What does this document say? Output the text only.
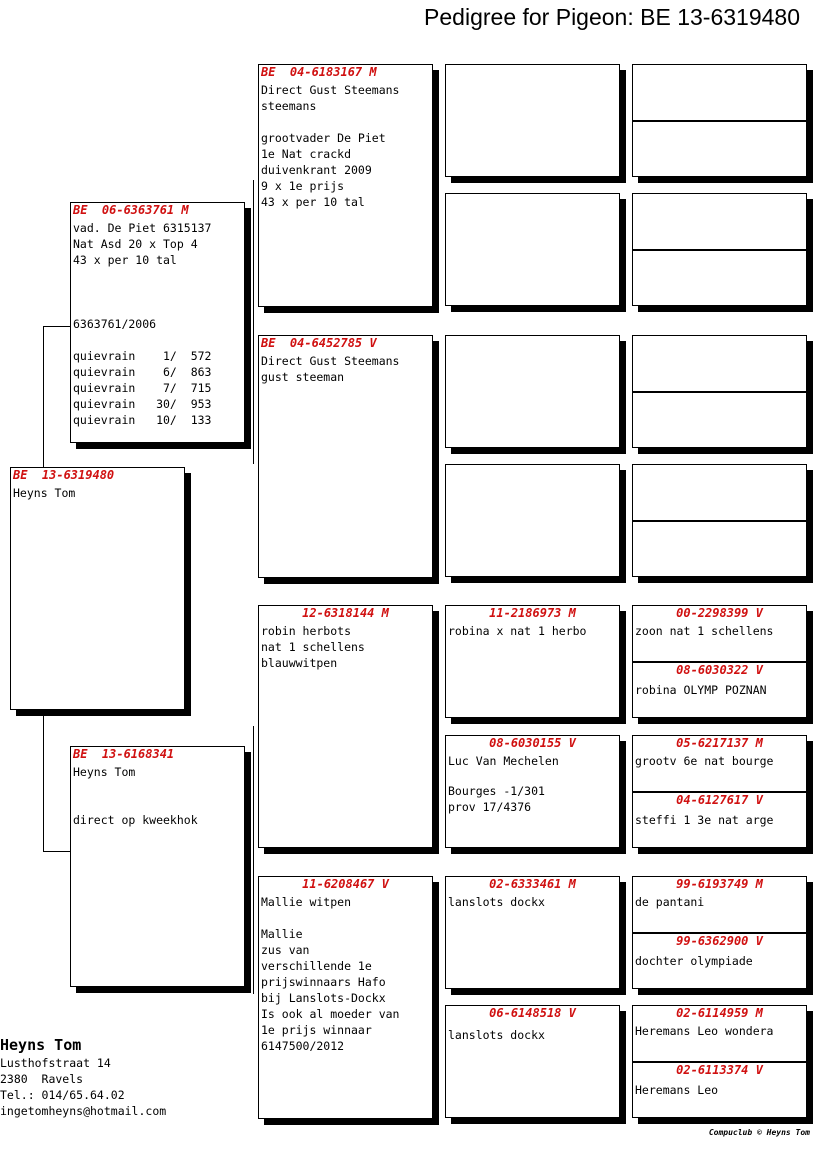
Pedigree for Pigeon: BE 13-6319480
BE  13-6319480
Heyns Tom
BE  06-6363761 M
vad. De Piet 6315137
Nat Asd 20 x Top 4
43 x per 10 tal

6363761/2006

quievrain    1/  572
quievrain    6/  863
quievrain    7/  715
quievrain   30/  953
quievrain   10/  133
BE  13-6168341
Heyns Tom

direct op kweekhok
BE  04-6183167 M
Direct Gust Steemans
steemans

grootvader De Piet
1e Nat crackd
duivenkrant 2009
9 x 1e prijs
43 x per 10 tal
BE  04-6452785 V
Direct Gust Steemans
gust steeman
12-6318144 M
robin herbots
nat 1 schellens
blauwwitpen
11-6208467 V
Mallie witpen

Mallie
zus van
verschillende 1e
prijswinnaars Hafo
bij Lanslots-Dockx
Is ook al moeder van
1e prijs winnaar
6147500/2012
11-2186973 M
robina x nat 1 herbo
08-6030155 V
Luc Van Mechelen
Bourges -1/301
prov 17/4376
02-6333461 M
lanslots dockx
06-6148518 V
lanslots dockx
00-2298399 V
zoon nat 1 schellens
08-6030322 V
robina OLYMP POZNAN
05-6217137 M
grootv 6e nat bourge
04-6127617 V
steffi 1 3e nat arge
99-6193749 M
de pantani
99-6362900 V
dochter olympiade
02-6114959 M
Heremans Leo wondera
02-6113374 V
Heremans Leo
Heyns Tom
Lusthofstraat 14
2380  Ravels
Tel.: 014/65.64.02
ingetomheyns@hotmail.com
Compuclub © Heyns Tom
